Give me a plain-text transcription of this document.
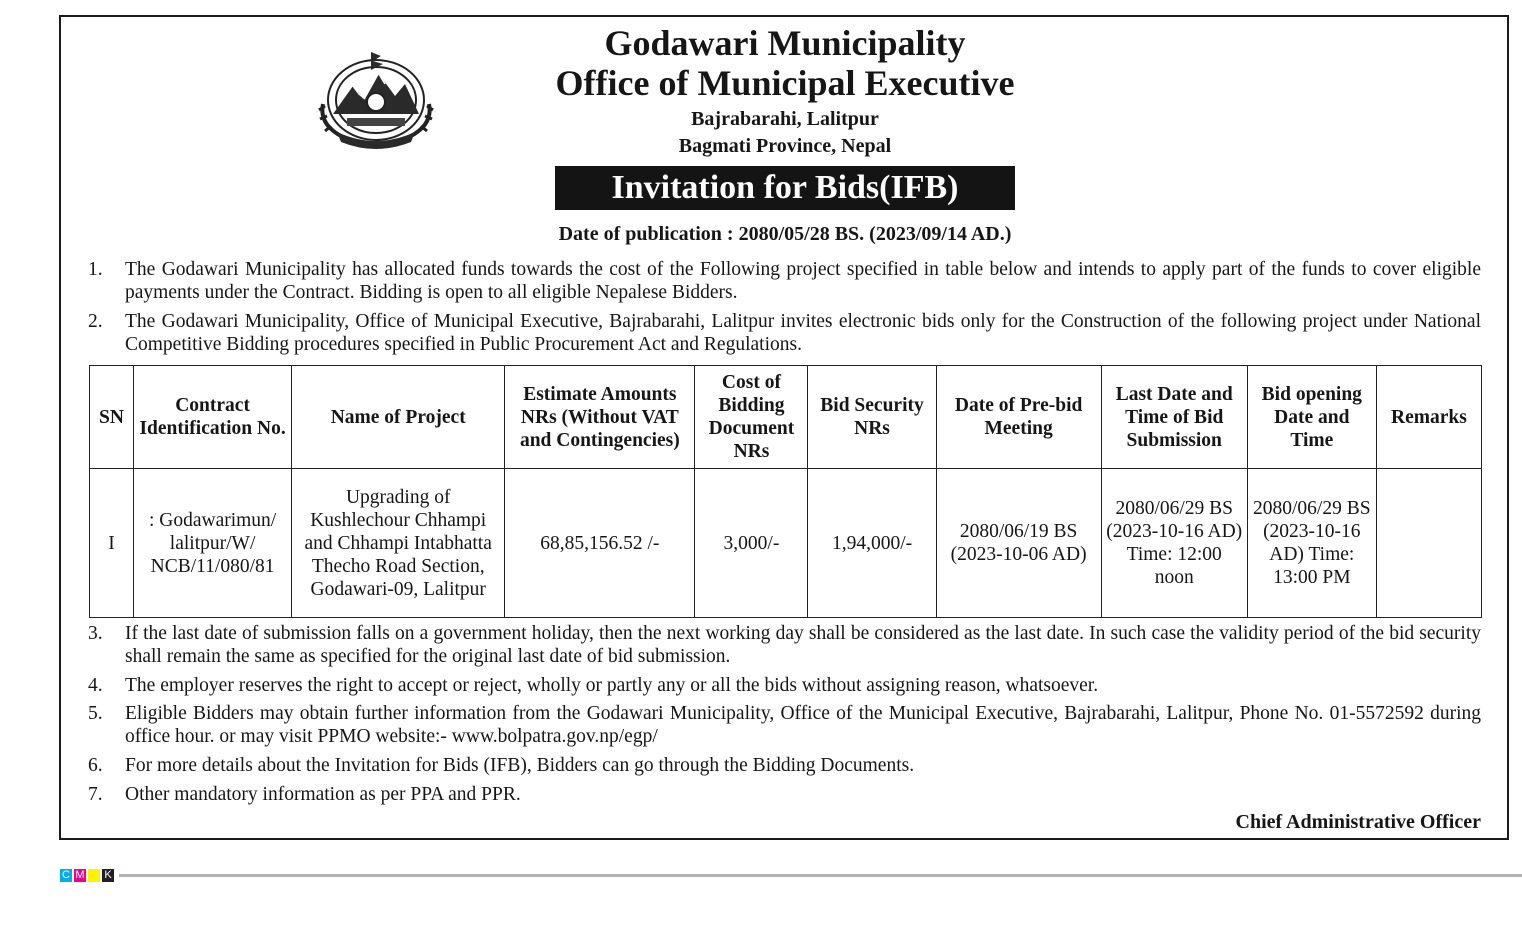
Godawari Municipality
Office of Municipal Executive
Bajrabarahi, Lalitpur
Bagmati Province, Nepal
Invitation for Bids(IFB)
Date of publication : 2080/05/28 BS. (2023/09/14 AD.)
1. The Godawari Municipality has allocated funds towards the cost of the Following project specified in table below and intends to apply part of the funds to cover eligible payments under the Contract. Bidding is open to all eligible Nepalese Bidders.
2. The Godawari Municipality, Office of Municipal Executive, Bajrabarahi, Lalitpur invites electronic bids only for the Construction of the following project under National Competitive Bidding procedures specified in Public Procurement Act and Regulations.
SN	Contract Identification No.	Name of Project	Estimate Amounts NRs (Without VAT and Contingencies)	Cost of Bidding Document NRs	Bid Security NRs	Date of Pre-bid Meeting	Last Date and Time of Bid Submission	Bid opening Date and Time	Remarks
I	: Godawarimun/ lalitpur/W/ NCB/11/080/81	Upgrading of Kushlechour Chhampi and Chhampi Intabhatta Thecho Road Section, Godawari-09, Lalitpur	68,85,156.52 /-	3,000/-	1,94,000/-	2080/06/19 BS (2023-10-06 AD)	2080/06/29 BS (2023-10-16 AD) Time: 12:00 noon	2080/06/29 BS (2023-10-16 AD) Time: 13:00 PM	
3. If the last date of submission falls on a government holiday, then the next working day shall be considered as the last date. In such case the validity period of the bid security shall remain the same as specified for the original last date of bid submission.
4. The employer reserves the right to accept or reject, wholly or partly any or all the bids without assigning reason, whatsoever.
5. Eligible Bidders may obtain further information from the Godawari Municipality, Office of the Municipal Executive, Bajrabarahi, Lalitpur, Phone No. 01-5572592 during office hour. or may visit PPMO website:- www.bolpatra.gov.np/egp/
6. For more details about the Invitation for Bids (IFB), Bidders can go through the Bidding Documents.
7. Other mandatory information as per PPA and PPR.
Chief Administrative Officer
C M Y K
